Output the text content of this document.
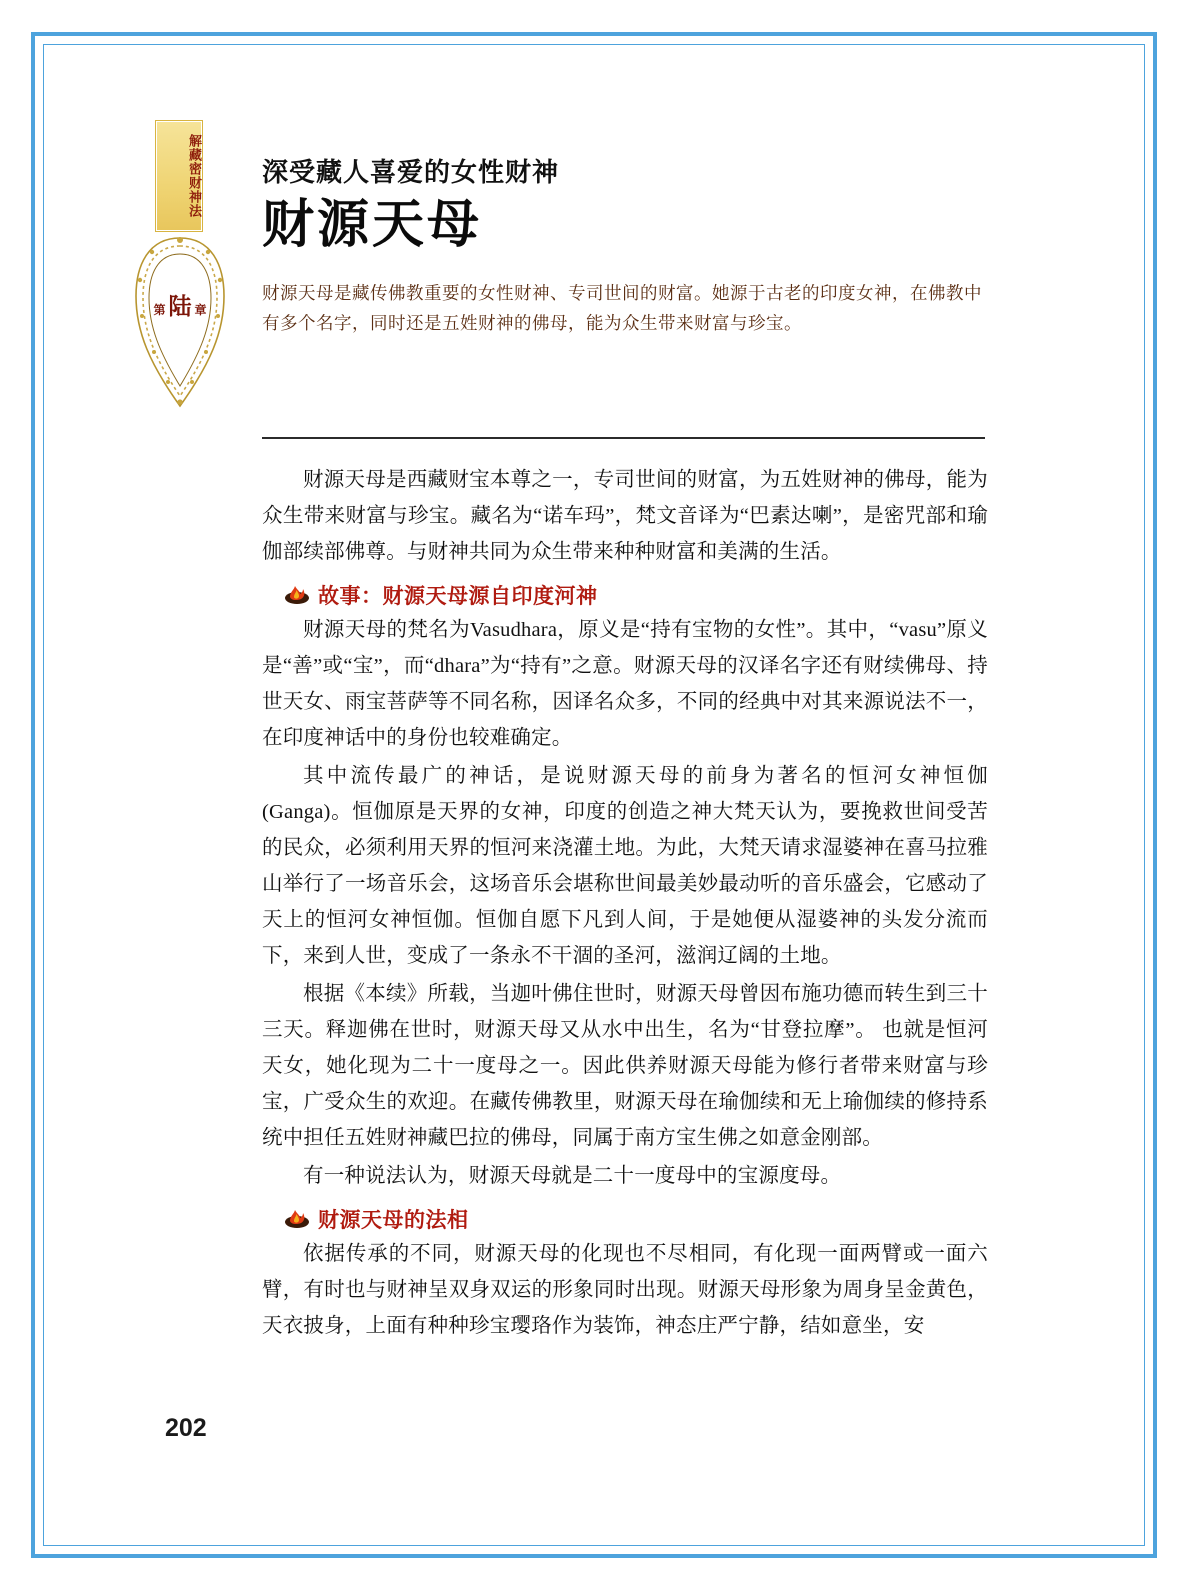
解藏密财神法
第 陆 章
深受藏人喜爱的女性财神
财源天母
财源天母是藏传佛教重要的女性财神、专司世间的财富。她源于古老的印度女神，在佛教中有多个名字，同时还是五姓财神的佛母，能为众生带来财富与珍宝。

财源天母是西藏财宝本尊之一，专司世间的财富，为五姓财神的佛母，能为众生带来财富与珍宝。藏名为“诺车玛”，梵文音译为“巴素达喇”，是密咒部和瑜伽部续部佛尊。与财神共同为众生带来种种财富和美满的生活。

故事：财源天母源自印度河神

财源天母的梵名为Vasudhara，原义是“持有宝物的女性”。其中，“vasu”原义是“善”或“宝”，而“dhara”为“持有”之意。财源天母的汉译名字还有财续佛母、持世天女、雨宝菩萨等不同名称，因译名众多，不同的经典中对其来源说法不一，在印度神话中的身份也较难确定。

其中流传最广的神话，是说财源天母的前身为著名的恒河女神恒伽(Ganga)。恒伽原是天界的女神，印度的创造之神大梵天认为，要挽救世间受苦的民众，必须利用天界的恒河来浇灌土地。为此，大梵天请求湿婆神在喜马拉雅山举行了一场音乐会，这场音乐会堪称世间最美妙最动听的音乐盛会，它感动了天上的恒河女神恒伽。恒伽自愿下凡到人间，于是她便从湿婆神的头发分流而下，来到人世，变成了一条永不干涸的圣河，滋润辽阔的土地。

根据《本续》所载，当迦叶佛住世时，财源天母曾因布施功德而转生到三十三天。释迦佛在世时，财源天母又从水中出生，名为“甘登拉摩”。 也就是恒河天女，她化现为二十一度母之一。因此供养财源天母能为修行者带来财富与珍宝，广受众生的欢迎。在藏传佛教里，财源天母在瑜伽续和无上瑜伽续的修持系统中担任五姓财神藏巴拉的佛母，同属于南方宝生佛之如意金刚部。

有一种说法认为，财源天母就是二十一度母中的宝源度母。

财源天母的法相

依据传承的不同，财源天母的化现也不尽相同，有化现一面两臂或一面六臂，有时也与财神呈双身双运的形象同时出现。财源天母形象为周身呈金黄色，天衣披身，上面有种种珍宝璎珞作为装饰，神态庄严宁静，结如意坐，安

202
